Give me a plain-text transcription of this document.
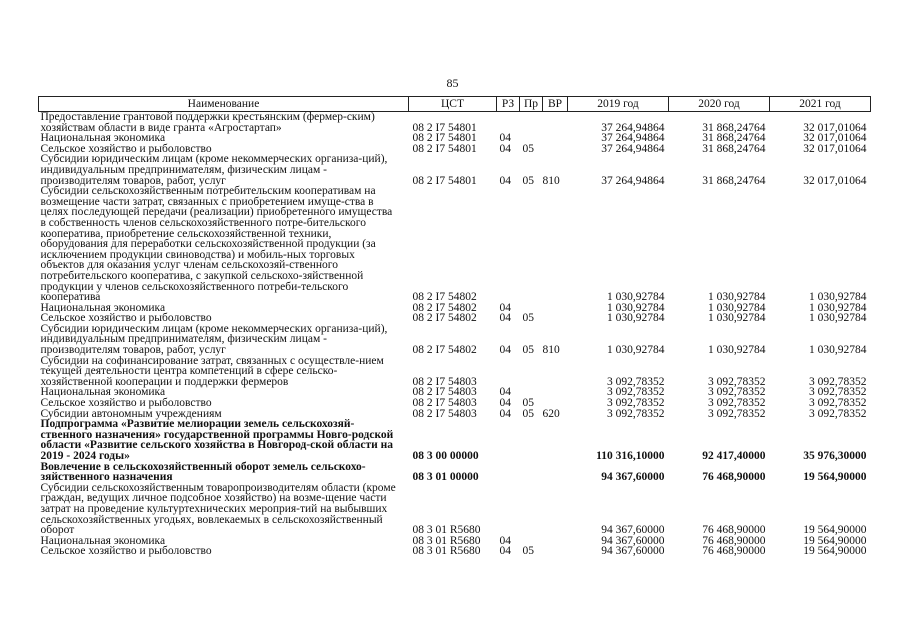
85
Наименование	ЦСТ	РЗ	Пр	ВР	2019 год	2020 год	2021 год
Предоставление грантовой поддержки крестьянским (фермер-ским) хозяйствам области в виде гранта «Агростартап»	08 2 I7 54801				37 264,94864	31 868,24764	32 017,01064
Национальная экономика	08 2 I7 54801	04			37 264,94864	31 868,24764	32 017,01064
Сельское хозяйство и рыболовство	08 2 I7 54801	04	05		37 264,94864	31 868,24764	32 017,01064
Субсидии юридическим лицам (кроме некоммерческих организа-ций), индивидуальным предпринимателям, физическим лицам - производителям товаров, работ, услуг	08 2 I7 54801	04	05	810	37 264,94864	31 868,24764	32 017,01064
Субсидии сельскохозяйственным потребительским кооперативам на возмещение части затрат, связанных с приобретением имуще-ства в целях последующей передачи (реализации) приобретенного имущества в собственность членов сельскохозяйственного потре-бительского кооператива, приобретение сельскохозяйственной техники, оборудования для переработки сельскохозяйственной продукции (за исключением продукции свиноводства) и мобиль-ных торговых объектов для оказания услуг членам сельскохозяй-ственного потребительского кооператива, с закупкой сельскохо-зяйственной продукции у членов сельскохозяйственного потреби-тельского кооператива	08 2 I7 54802				1 030,92784	1 030,92784	1 030,92784
Национальная экономика	08 2 I7 54802	04			1 030,92784	1 030,92784	1 030,92784
Сельское хозяйство и рыболовство	08 2 I7 54802	04	05		1 030,92784	1 030,92784	1 030,92784
Субсидии юридическим лицам (кроме некоммерческих организа-ций), индивидуальным предпринимателям, физическим лицам - производителям товаров, работ, услуг	08 2 I7 54802	04	05	810	1 030,92784	1 030,92784	1 030,92784
Субсидии на софинансирование затрат, связанных с осуществле-нием текущей деятельности центра компетенций в сфере сельско-хозяйственной кооперации и поддержки фермеров	08 2 I7 54803				3 092,78352	3 092,78352	3 092,78352
Национальная экономика	08 2 I7 54803	04			3 092,78352	3 092,78352	3 092,78352
Сельское хозяйство и рыболовство	08 2 I7 54803	04	05		3 092,78352	3 092,78352	3 092,78352
Субсидии автономным учреждениям	08 2 I7 54803	04	05	620	3 092,78352	3 092,78352	3 092,78352
Подпрограмма «Развитие мелиорации земель сельскохозяй-ственного назначения» государственной программы Новго-родской области «Развитие сельского хозяйства в Новгород-ской области на 2019 - 2024 годы»	08 3 00 00000				110 316,10000	92 417,40000	35 976,30000
Вовлечение в сельскохозяйственный оборот земель сельскохо-зяйственного назначения	08 3 01 00000				94 367,60000	76 468,90000	19 564,90000
Субсидии сельскохозяйственным товаропроизводителям области (кроме граждан, ведущих личное подсобное хозяйство) на возме-щение части затрат на проведение культуртехнических мероприя-тий на выбывших сельскохозяйственных угодьях, вовлекаемых в сельскохозяйственный оборот	08 3 01 R5680				94 367,60000	76 468,90000	19 564,90000
Национальная экономика	08 3 01 R5680	04			94 367,60000	76 468,90000	19 564,90000
Сельское хозяйство и рыболовство	08 3 01 R5680	04	05		94 367,60000	76 468,90000	19 564,90000
